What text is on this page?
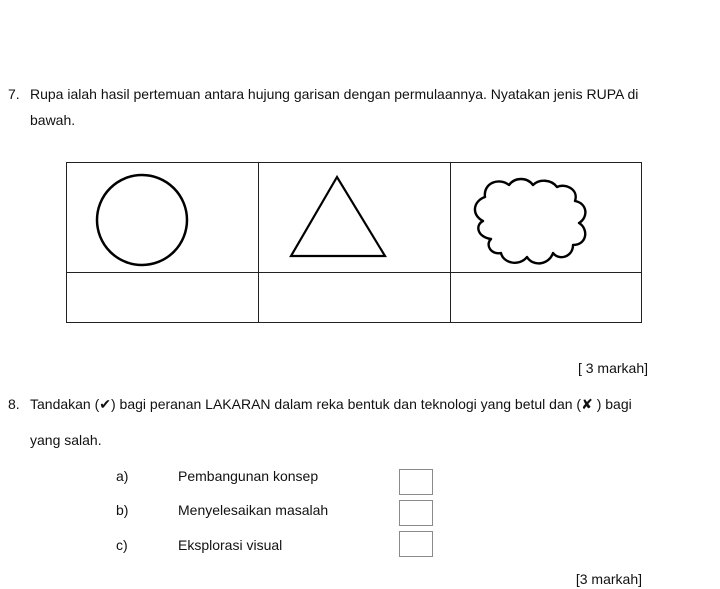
7. Rupa ialah hasil pertemuan antara hujung garisan dengan permulaannya. Nyatakan jenis RUPA di
bawah.

[ 3 markah]
8. Tandakan (✔) bagi peranan LAKARAN dalam reka bentuk dan teknologi yang betul dan (✘ ) bagi
yang salah.
a)	Pembangunan konsep
b)	Menyelesaikan masalah
c)	Eksplorasi visual
[3 markah]
